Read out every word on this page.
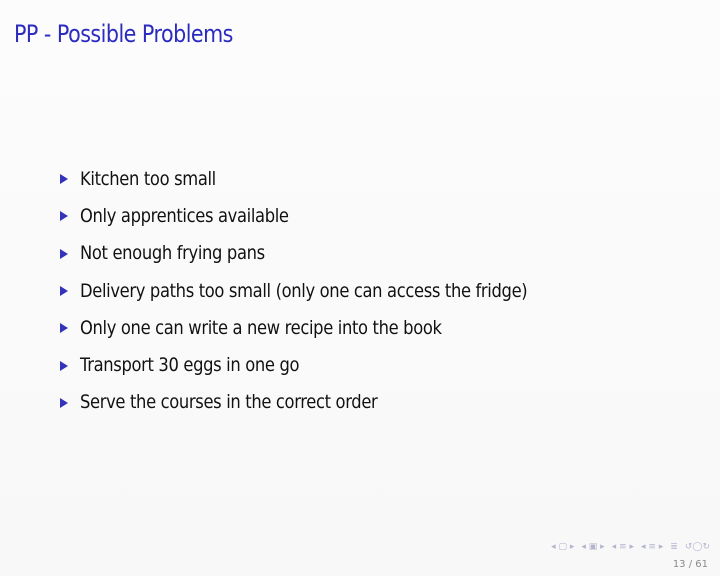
PP - Possible Problems
Kitchen too small
Only apprentices available
Not enough frying pans
Delivery paths too small (only one can access the fridge)
Only one can write a new recipe into the book
Transport 30 eggs in one go
Serve the courses in the correct order
◂ ▢ ▸ ◂ ▣ ▸ ◂ ≡ ▸ ◂ ≡ ▸ ≣ ↺◯↻
13 / 61
